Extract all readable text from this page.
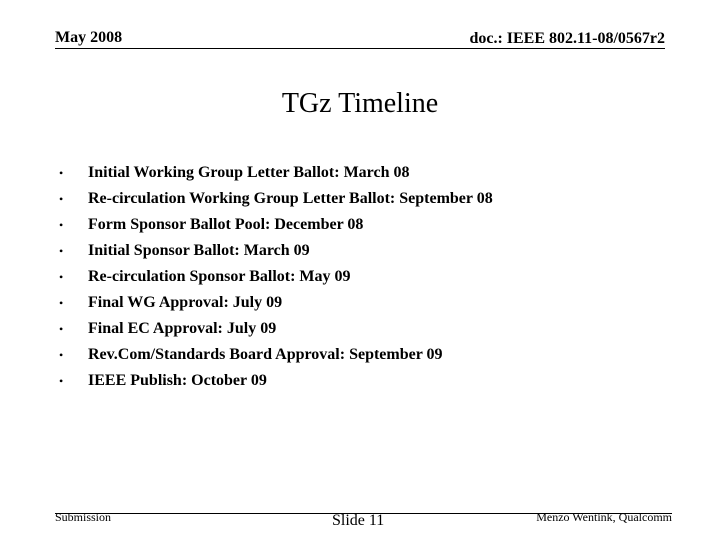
May 2008	doc.: IEEE 802.11-08/0567r2
TGz Timeline
• Initial Working Group Letter Ballot: March 08
• Re-circulation Working Group Letter Ballot: September 08
• Form Sponsor Ballot Pool: December 08
• Initial Sponsor Ballot: March 09
• Re-circulation Sponsor Ballot: May 09
• Final WG Approval: July 09
• Final EC Approval: July 09
• Rev.Com/Standards Board Approval: September 09
• IEEE Publish: October 09
Submission	Slide 11	Menzo Wentink, Qualcomm
